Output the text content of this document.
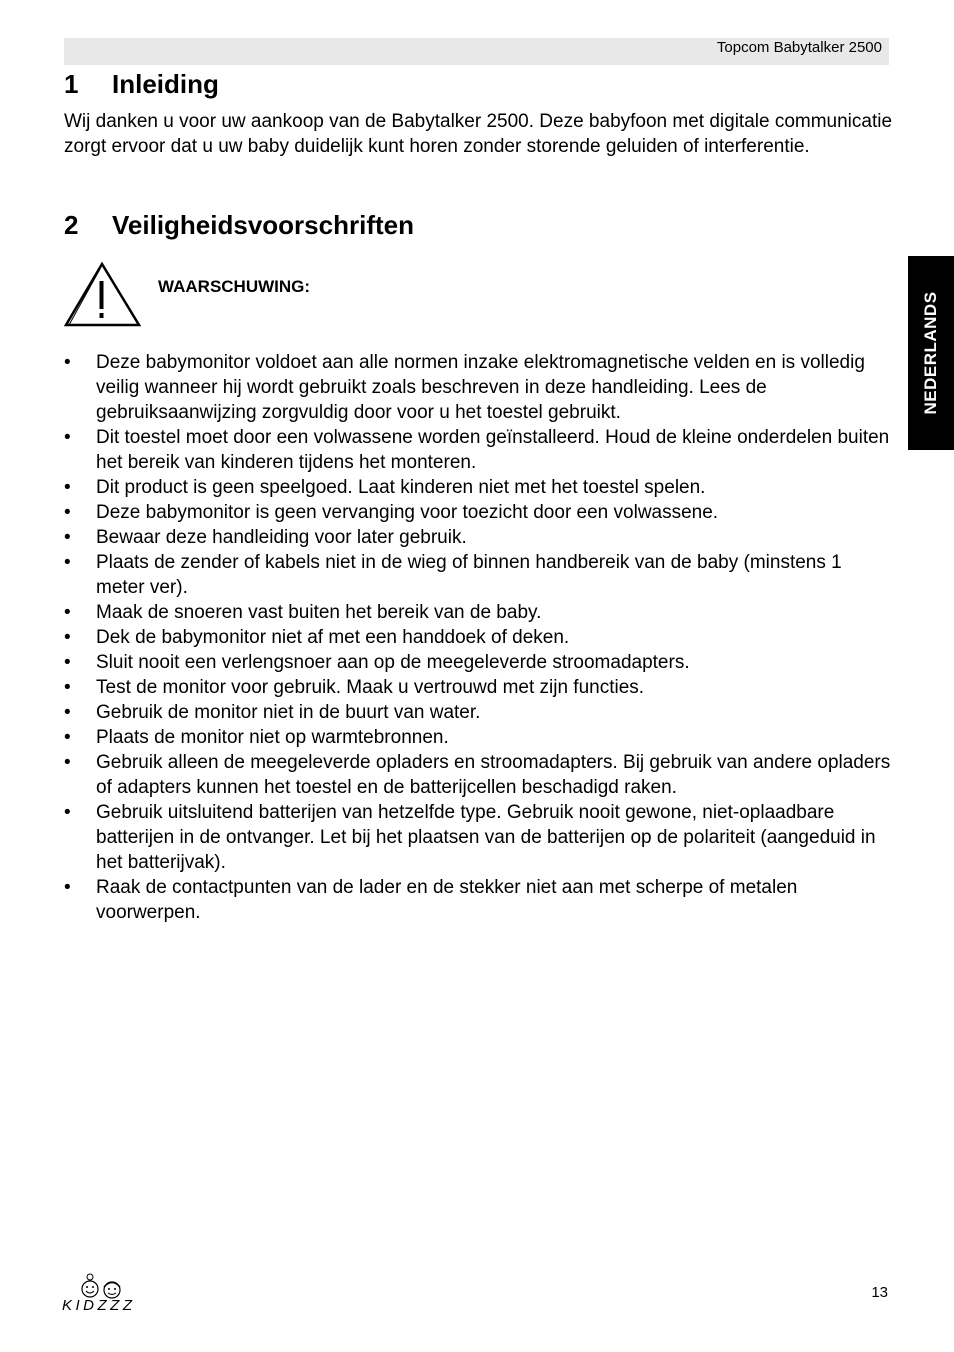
Topcom Babytalker 2500
1 Inleiding

Wij danken u voor uw aankoop van de Babytalker 2500. Deze babyfoon met digitale communicatie zorgt ervoor dat u uw baby duidelijk kunt horen zonder storende geluiden of interferentie.

2 Veiligheidsvoorschriften
WAARSCHUWING:
• Deze babymonitor voldoet aan alle normen inzake elektromagnetische velden en is volledig veilig wanneer hij wordt gebruikt zoals beschreven in deze handleiding. Lees de gebruiksaanwijzing zorgvuldig door voor u het toestel gebruikt.
• Dit toestel moet door een volwassene worden geïnstalleerd. Houd de kleine onderdelen buiten het bereik van kinderen tijdens het monteren.
• Dit product is geen speelgoed. Laat kinderen niet met het toestel spelen.
• Deze babymonitor is geen vervanging voor toezicht door een volwassene.
• Bewaar deze handleiding voor later gebruik.
• Plaats de zender of kabels niet in de wieg of binnen handbereik van de baby (minstens 1 meter ver).
• Maak de snoeren vast buiten het bereik van de baby.
• Dek de babymonitor niet af met een handdoek of deken.
• Sluit nooit een verlengsnoer aan op de meegeleverde stroomadapters.
• Test de monitor voor gebruik. Maak u vertrouwd met zijn functies.
• Gebruik de monitor niet in de buurt van water.
• Plaats de monitor niet op warmtebronnen.
• Gebruik alleen de meegeleverde opladers en stroomadapters. Bij gebruik van andere opladers of adapters kunnen het toestel en de batterijcellen beschadigd raken.
• Gebruik uitsluitend batterijen van hetzelfde type. Gebruik nooit gewone, niet-oplaadbare batterijen in de ontvanger. Let bij het plaatsen van de batterijen op de polariteit (aangeduid in het batterijvak).
• Raak de contactpunten van de lader en de stekker niet aan met scherpe of metalen voorwerpen.
NEDERLANDS
KIDZZZ
13
